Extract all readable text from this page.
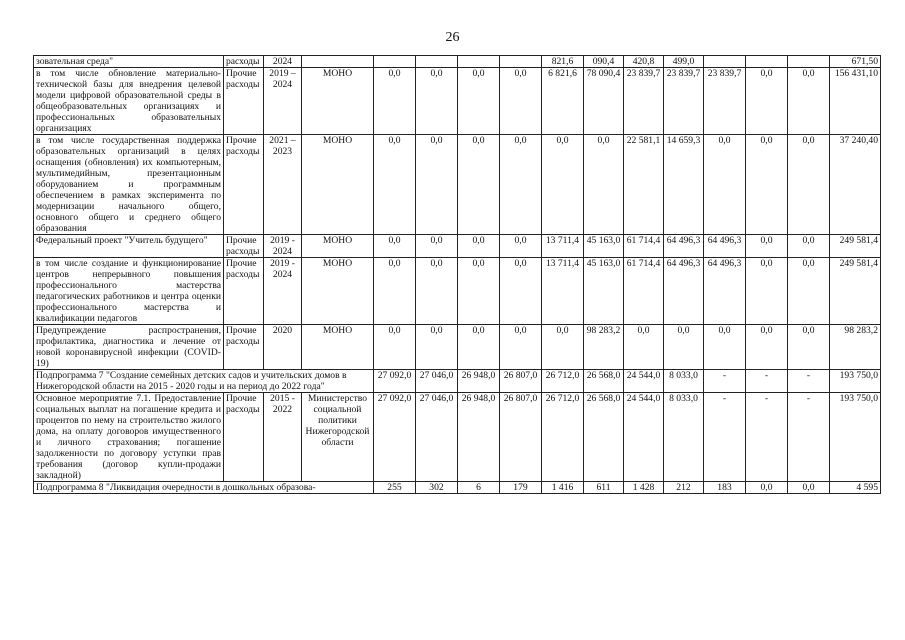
26
зовательная среда"	расходы	2024						821,6	090,4	420,8	499,0				671,50
в том числе обновление материально-технической базы для внедрения целевой модели цифровой образовательной среды в общеобразовательных организациях и профессиональных образовательных организациях	Прочие расходы	2019 – 2024	МОНО	0,0	0,0	0,0	0,0	6 821,6	78 090,4	23 839,7	23 839,7	23 839,7	0,0	0,0	156 431,10
в том числе государственная поддержка образовательных организаций в целях оснащения (обновления) их компьютерным, мультимедийным, презентационным оборудованием и программным обеспечением в рамках эксперимента по модернизации начального общего, основного общего и среднего общего образования	Прочие расходы	2021 – 2023	МОНО	0,0	0,0	0,0	0,0	0,0	0,0	22 581,1	14 659,3	0,0	0,0	0,0	37 240,40
Федеральный проект "Учитель будущего"	Прочие расходы	2019 - 2024	МОНО	0,0	0,0	0,0	0,0	13 711,4	45 163,0	61 714,4	64 496,3	64 496,3	0,0	0,0	249 581,4
в том числе создание и функционирование центров непрерывного повышения профессионального мастерства педагогических работников и центра оценки профессионального мастерства и квалификации педагогов	Прочие расходы	2019 - 2024	МОНО	0,0	0,0	0,0	0,0	13 711,4	45 163,0	61 714,4	64 496,3	64 496,3	0,0	0,0	249 581,4
Предупреждение распространения, профилактика, диагностика и лечение от новой коронавирусной инфекции (COVID-19)	Прочие расходы	2020	МОНО	0,0	0,0	0,0	0,0	0,0	98 283,2	0,0	0,0	0,0	0,0	0,0	98 283,2
Подпрограмма 7 "Создание семейных детских садов и учительских домов в Нижегородской области на 2015 - 2020 годы и на период до 2022 года"				27 092,0	27 046,0	26 948,0	26 807,0	26 712,0	26 568,0	24 544,0	8 033,0	-	-	-	193 750,0
Основное мероприятие 7.1. Предоставление социальных выплат на погашение кредита и процентов по нему на строительство жилого дома, на оплату договоров имущественного и личного страхования; погашение задолженности по договору уступки прав требования (договор купли-продажи закладной)	Прочие расходы	2015 - 2022	Министерство социальной политики Нижегородской области	27 092,0	27 046,0	26 948,0	26 807,0	26 712,0	26 568,0	24 544,0	8 033,0	-	-	-	193 750,0
Подпрограмма 8 "Ликвидация очередности в дошкольных образова-				255	302	6	179	1 416	611	1 428	212	183	0,0	0,0	4 595
